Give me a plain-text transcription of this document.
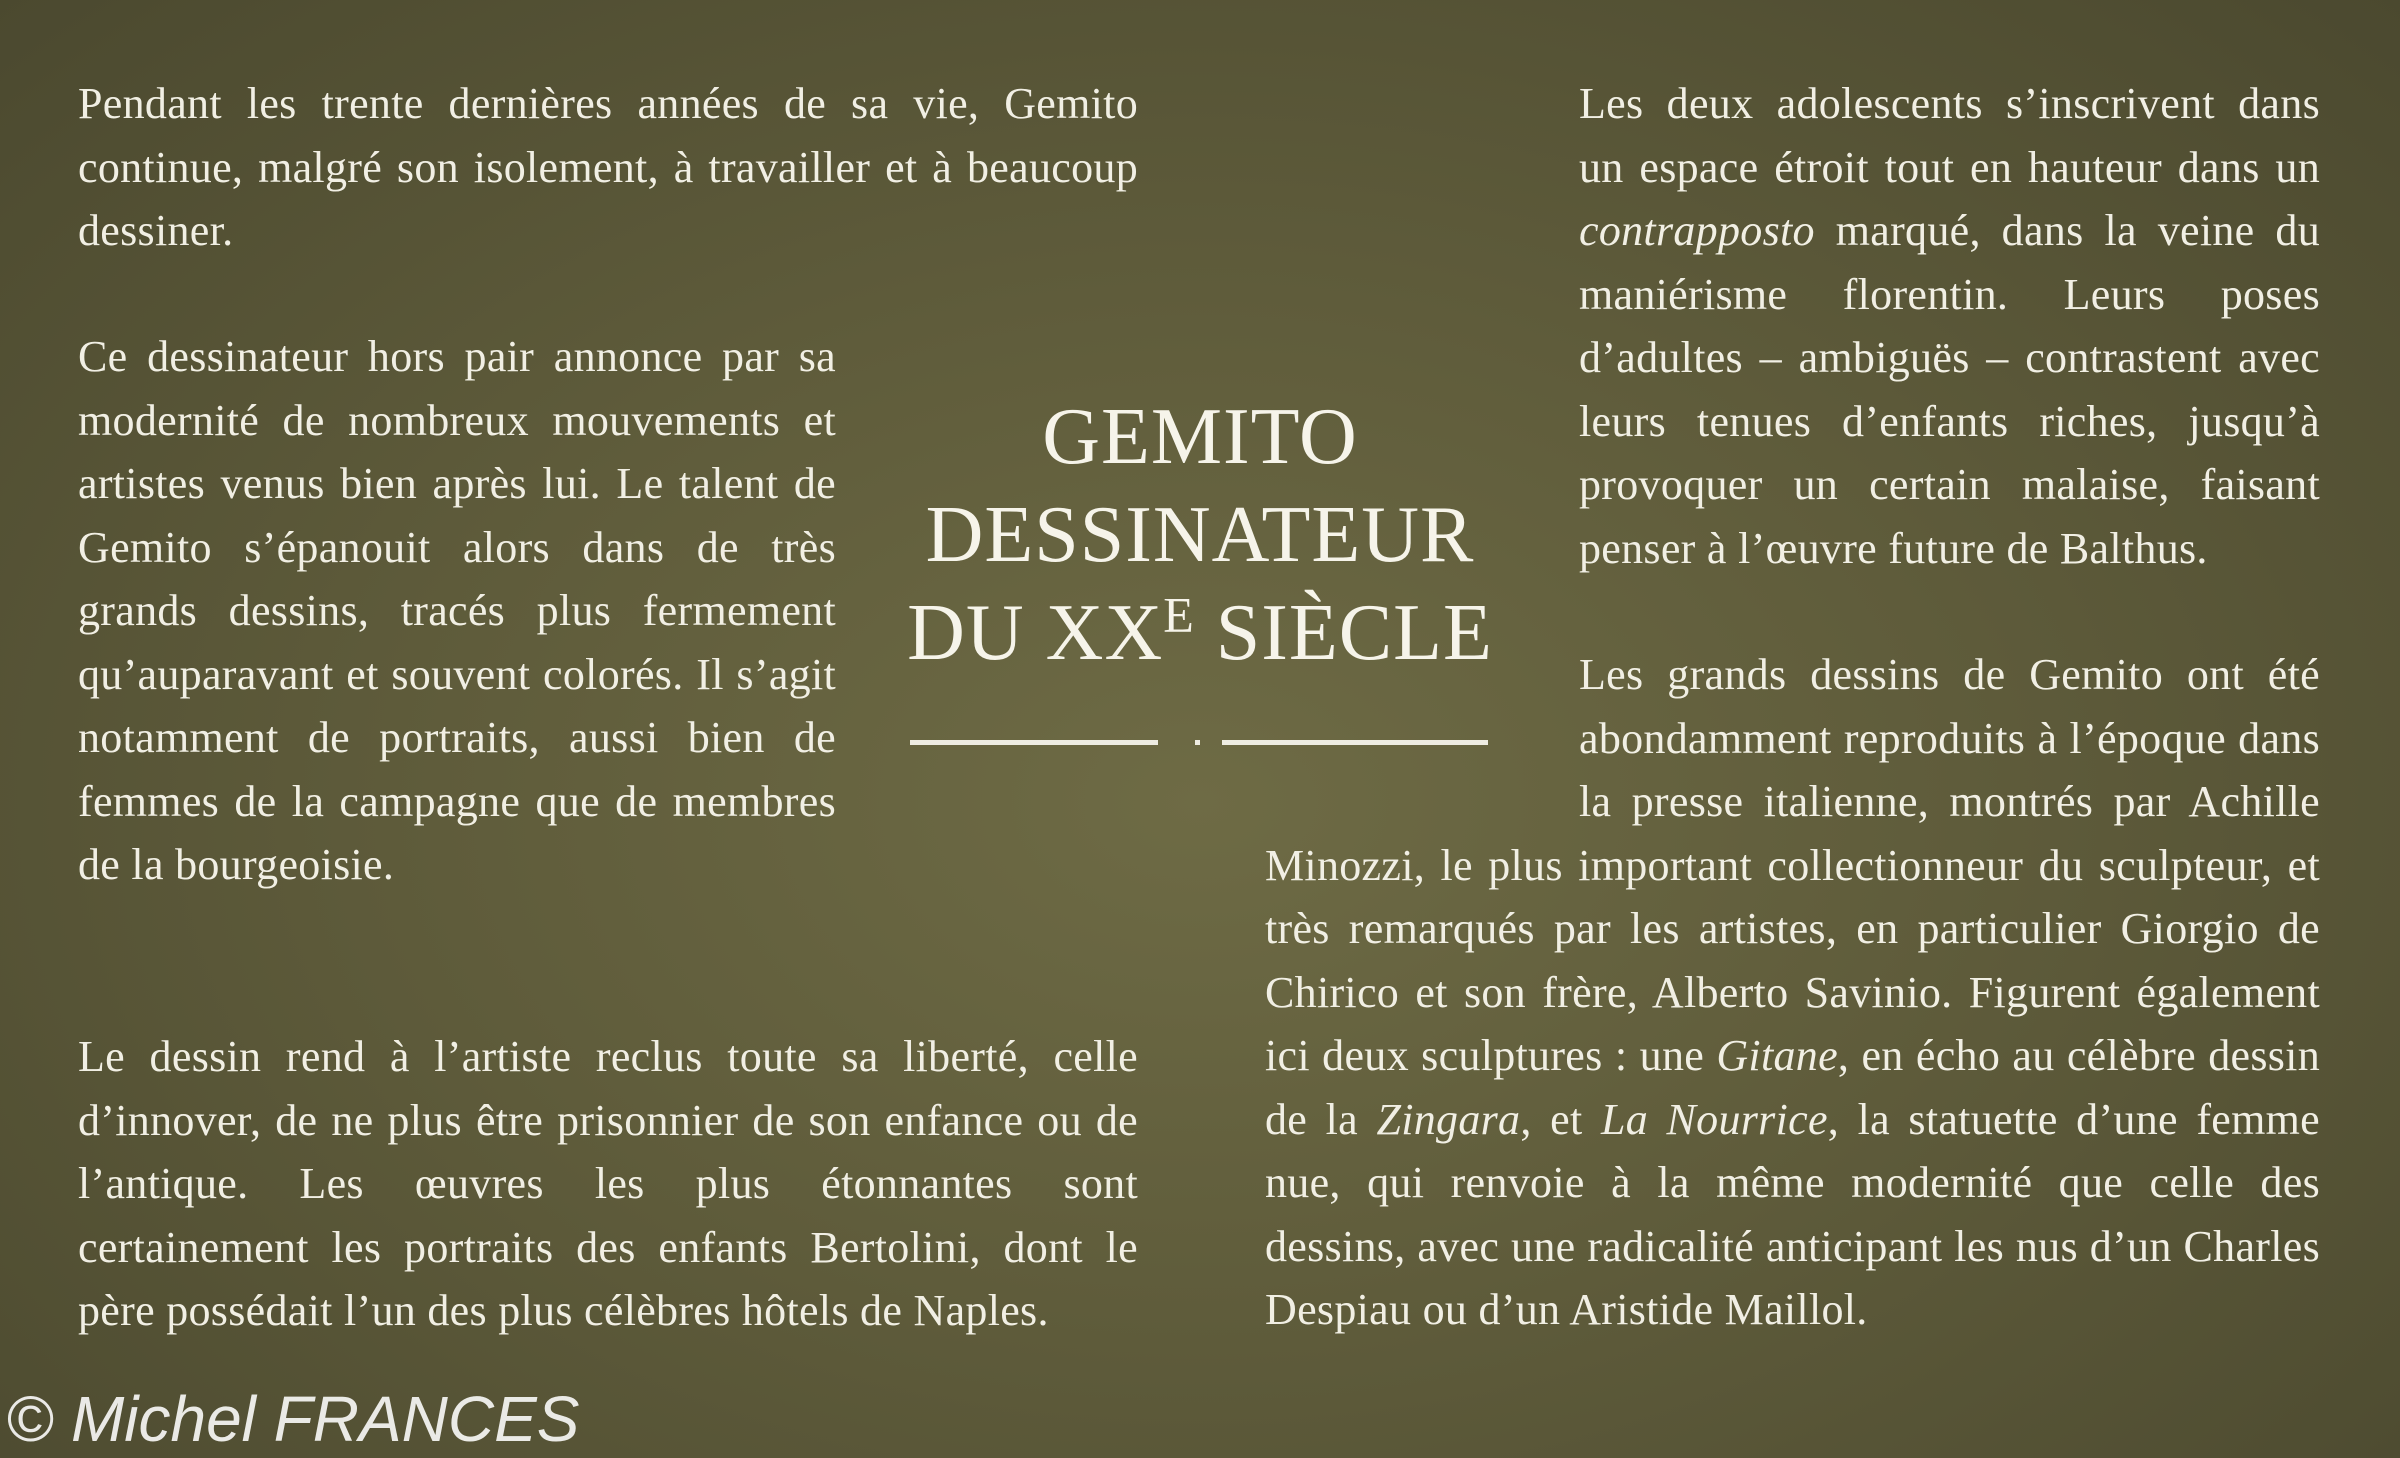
Pendant les trente dernières années de sa vie, Gemito continue, malgré son isolement, à travailler et à beaucoup dessiner.

Ce dessinateur hors pair annonce par sa modernité de nombreux mouvements et artistes venus bien après lui. Le talent de Gemito s’épanouit alors dans de très grands dessins, tracés plus fermement qu’auparavant et souvent colorés. Il s’agit notamment de portraits, aussi bien de femmes de la campagne que de membres de la bourgeoisie.

Le dessin rend à l’artiste reclus toute sa liberté, celle d’innover, de ne plus être prisonnier de son enfance ou de l’antique. Les œuvres les plus étonnantes sont certainement les portraits des enfants Bertolini, dont le père possédait l’un des plus célèbres hôtels de Naples.

Les deux adolescents s’inscrivent dans un espace étroit tout en hauteur dans un contrapposto marqué, dans la veine du maniérisme florentin. Leurs poses d’adultes – ambiguës – contrastent avec leurs tenues d’enfants riches, jusqu’à provoquer un certain malaise, faisant penser à l’œuvre future de Balthus.

Les grands dessins de Gemito ont été abondamment reproduits à l’époque dans la presse italienne, montrés par Achille Minozzi, le plus important collectionneur du sculpteur, et très remarqués par les artistes, en particulier Giorgio de Chirico et son frère, Alberto Savinio. Figurent également ici deux sculptures : une Gitane, en écho au célèbre dessin de la Zingara, et La Nourrice, la statuette d’une femme nue, qui renvoie à la même modernité que celle des dessins, avec une radicalité anticipant les nus d’un Charles Despiau ou d’un Aristide Maillol.

GEMITO
DESSINATEUR
DU $XX^E$ SIÈCLE
© Michel FRANCES
